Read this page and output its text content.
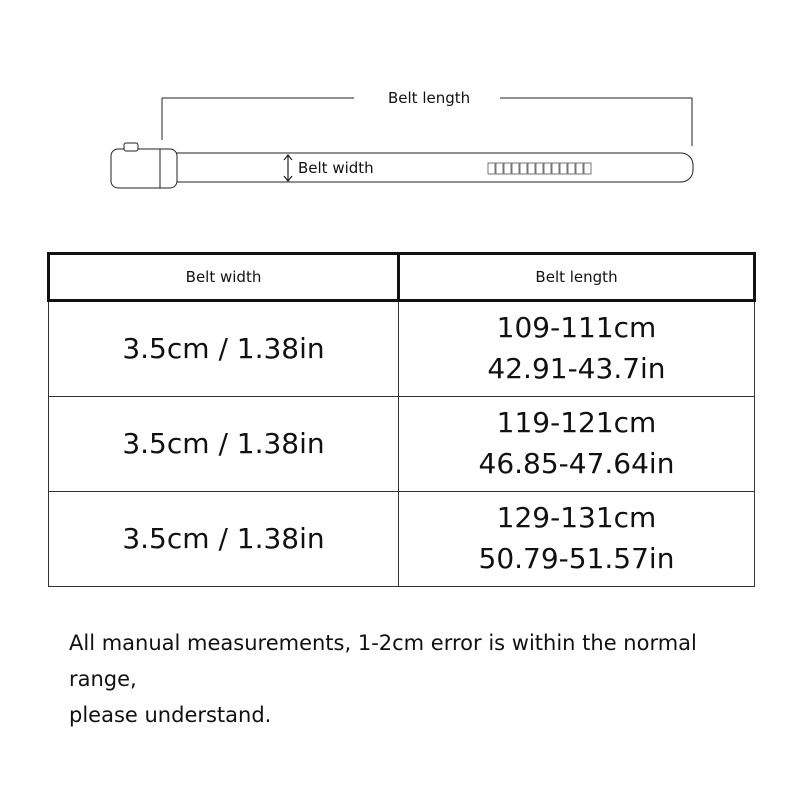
Belt length
Belt width
Belt width	Belt length
3.5cm / 1.38in	109-111cm
42.91-43.7in

3.5cm / 1.38in	119-121cm
46.85-47.64in

3.5cm / 1.38in	129-131cm
50.79-51.57in
All manual measurements, 1-2cm error is within the normal range,
please understand.
